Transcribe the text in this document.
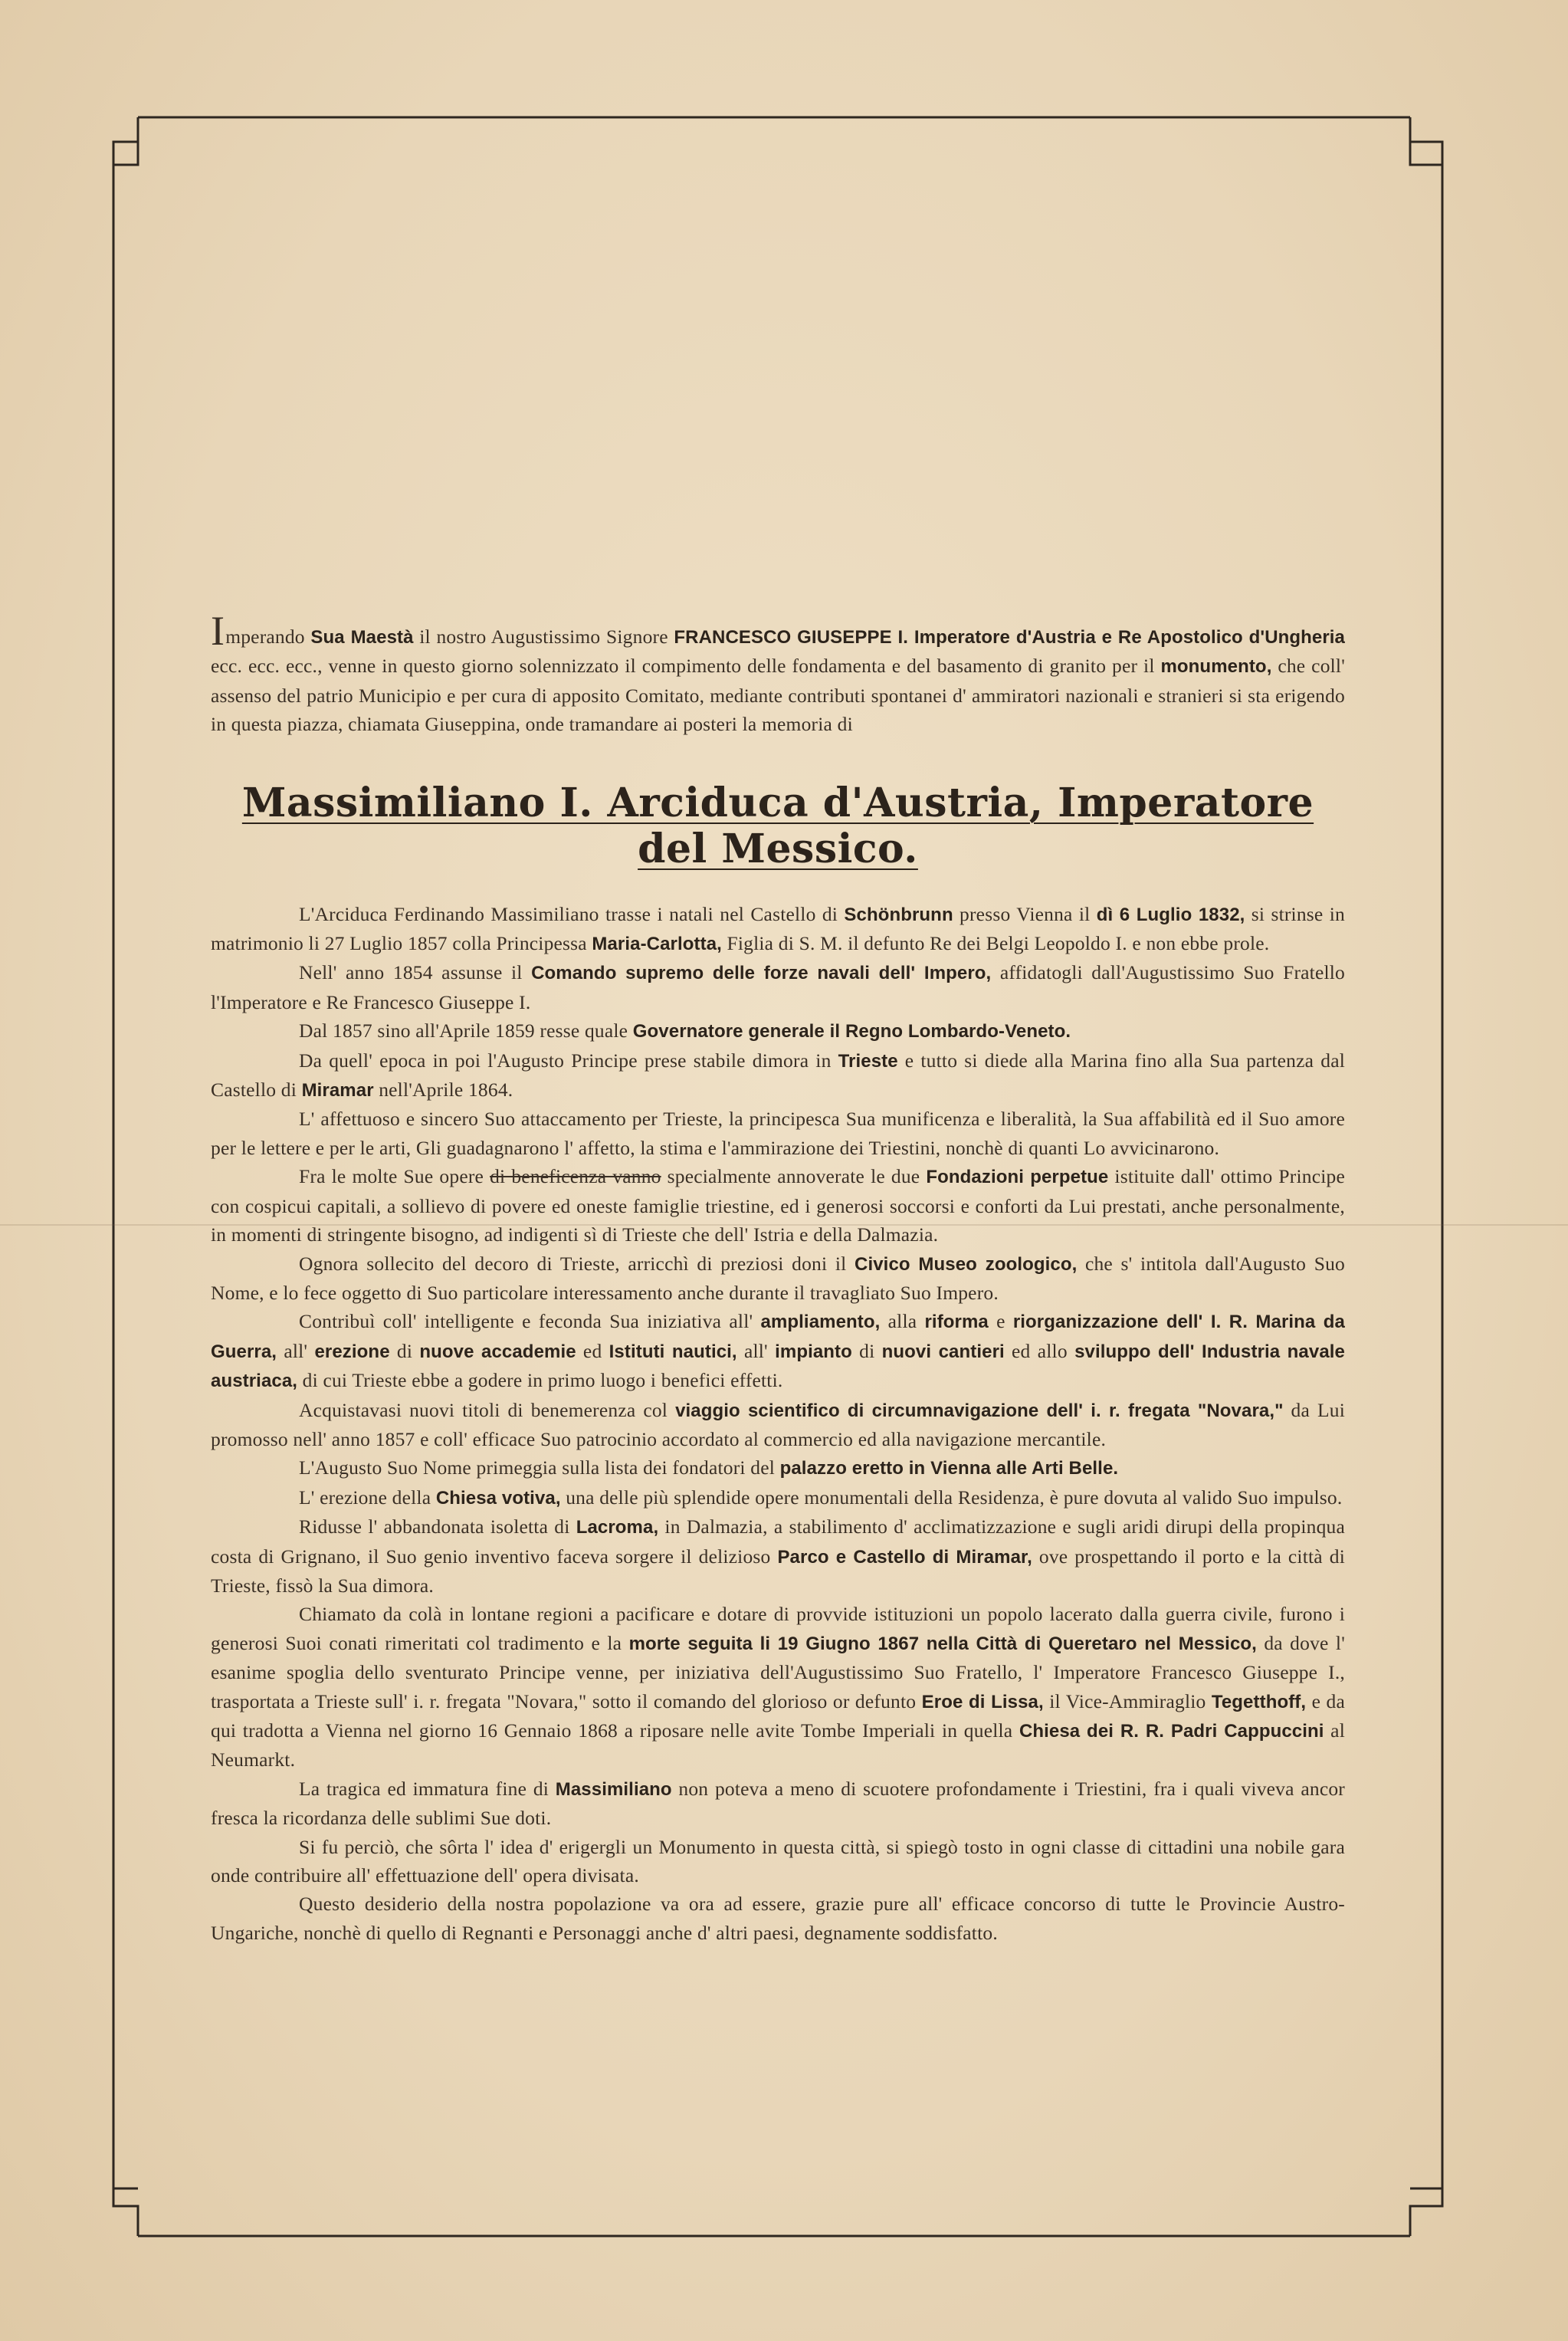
Imperando Sua Maestà il nostro Augustissimo Signore FRANCESCO GIUSEPPE I. Imperatore d'Austria e Re Apostolico d'Ungheria ecc. ecc. ecc., venne in questo giorno solennizzato il compimento delle fondamenta e del basamento di granito per il monumento, che coll' assenso del patrio Municipio e per cura di apposito Comitato, mediante contributi spontanei d' ammiratori nazionali e stranieri si sta erigendo in questa piazza, chiamata Giuseppina, onde tramandare ai posteri la memoria di

Massimiliano I. Arciduca d'Austria, Imperatore del Messico.

L'Arciduca Ferdinando Massimiliano trasse i natali nel Castello di Schönbrunn presso Vienna il dì 6 Luglio 1832, si strinse in matrimonio li 27 Luglio 1857 colla Principessa Maria-Carlotta, Figlia di S. M. il defunto Re dei Belgi Leopoldo I. e non ebbe prole.

Nell' anno 1854 assunse il Comando supremo delle forze navali dell' Impero, affidatogli dall'Augustissimo Suo Fratello l'Imperatore e Re Francesco Giuseppe I.

Dal 1857 sino all'Aprile 1859 resse quale Governatore generale il Regno Lombardo-Veneto.

Da quell' epoca in poi l'Augusto Principe prese stabile dimora in Trieste e tutto si diede alla Marina fino alla Sua partenza dal Castello di Miramar nell'Aprile 1864.

L' affettuoso e sincero Suo attaccamento per Trieste, la principesca Sua munificenza e liberalità, la Sua affabilità ed il Suo amore per le lettere e per le arti, Gli guadagnarono l' affetto, la stima e l'ammirazione dei Triestini, nonchè di quanti Lo avvicinarono.

Fra le molte Sue opere di beneficenza vanno specialmente annoverate le due Fondazioni perpetue istituite dall' ottimo Principe con cospicui capitali, a sollievo di povere ed oneste famiglie triestine, ed i generosi soccorsi e conforti da Lui prestati, anche personalmente, in momenti di stringente bisogno, ad indigenti sì di Trieste che dell' Istria e della Dalmazia.

Ognora sollecito del decoro di Trieste, arricchì di preziosi doni il Civico Museo zoologico, che s' intitola dall'Augusto Suo Nome, e lo fece oggetto di Suo particolare interessamento anche durante il travagliato Suo Impero.

Contribuì coll' intelligente e feconda Sua iniziativa all' ampliamento, alla riforma e riorganizzazione dell' I. R. Marina da Guerra, all' erezione di nuove accademie ed Istituti nautici, all' impianto di nuovi cantieri ed allo sviluppo dell' Industria navale austriaca, di cui Trieste ebbe a godere in primo luogo i benefici effetti.

Acquistavasi nuovi titoli di benemerenza col viaggio scientifico di circumnavigazione dell' i. r. fregata "Novara," da Lui promosso nell' anno 1857 e coll' efficace Suo patrocinio accordato al commercio ed alla navigazione mercantile.

L'Augusto Suo Nome primeggia sulla lista dei fondatori del palazzo eretto in Vienna alle Arti Belle.

L' erezione della Chiesa votiva, una delle più splendide opere monumentali della Residenza, è pure dovuta al valido Suo impulso.

Ridusse l' abbandonata isoletta di Lacroma, in Dalmazia, a stabilimento d' acclimatizzazione e sugli aridi dirupi della propinqua costa di Grignano, il Suo genio inventivo faceva sorgere il delizioso Parco e Castello di Miramar, ove prospettando il porto e la città di Trieste, fissò la Sua dimora.

Chiamato da colà in lontane regioni a pacificare e dotare di provvide istituzioni un popolo lacerato dalla guerra civile, furono i generosi Suoi conati rimeritati col tradimento e la morte seguita li 19 Giugno 1867 nella Città di Queretaro nel Messico, da dove l' esanime spoglia dello sventurato Principe venne, per iniziativa dell'Augustissimo Suo Fratello, l' Imperatore Francesco Giuseppe I., trasportata a Trieste sull' i. r. fregata "Novara," sotto il comando del glorioso or defunto Eroe di Lissa, il Vice-Ammiraglio Tegetthoff, e da qui tradotta a Vienna nel giorno 16 Gennaio 1868 a riposare nelle avite Tombe Imperiali in quella Chiesa dei R. R. Padri Cappuccini al Neumarkt.

La tragica ed immatura fine di Massimiliano non poteva a meno di scuotere profondamente i Triestini, fra i quali viveva ancor fresca la ricordanza delle sublimi Sue doti.

Si fu perciò, che sôrta l' idea d' erigergli un Monumento in questa città, si spiegò tosto in ogni classe di cittadini una nobile gara onde contribuire all' effettuazione dell' opera divisata.

Questo desiderio della nostra popolazione va ora ad essere, grazie pure all' efficace concorso di tutte le Provincie Austro-Ungariche, nonchè di quello di Regnanti e Personaggi anche d' altri paesi, degnamente soddisfatto.
